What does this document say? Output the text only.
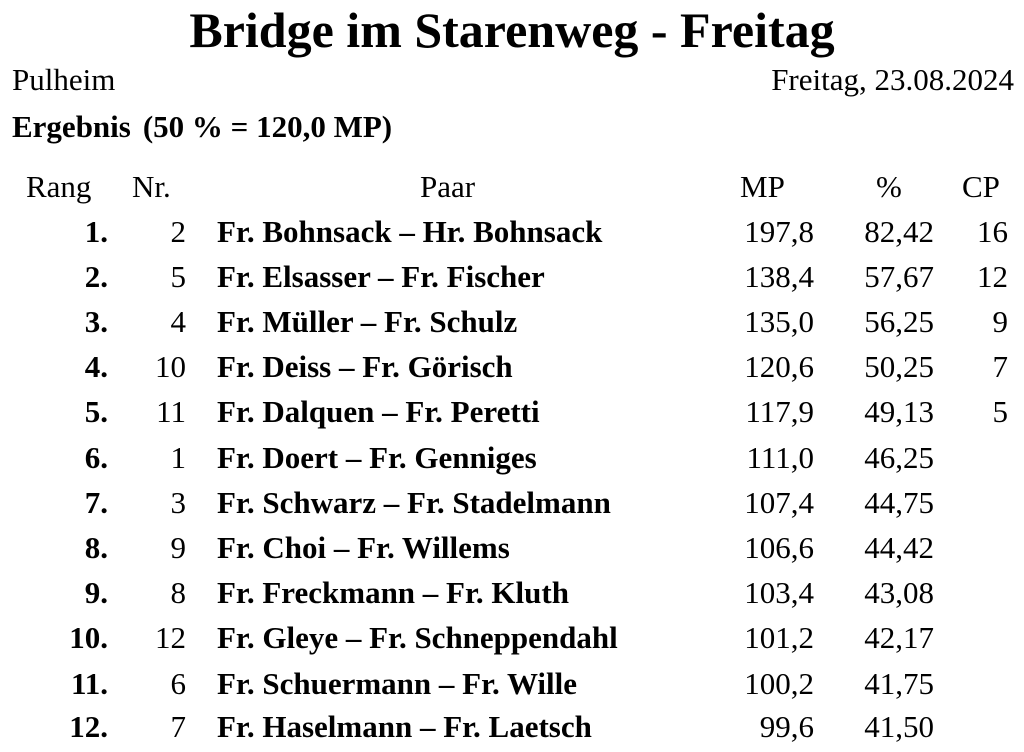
Bridge im Starenweg - Freitag
Pulheim	Freitag, 23.08.2024
Ergebnis (50 % = 120,0 MP)
Rang	Nr.	Paar	MP	%	CP
1.	2 Fr. Bohnsack – Hr. Bohnsack	197,8	82,42	16
2.	5 Fr. Elsasser – Fr. Fischer	138,4	57,67	12
3.	4 Fr. Müller – Fr. Schulz	135,0	56,25	9
4.	10 Fr. Deiss – Fr. Görisch	120,6	50,25	7
5.	11 Fr. Dalquen – Fr. Peretti	117,9	49,13	5
6.	1 Fr. Doert – Fr. Genniges	111,0	46,25
7.	3 Fr. Schwarz – Fr. Stadelmann	107,4	44,75
8.	9 Fr. Choi – Fr. Willems	106,6	44,42
9.	8 Fr. Freckmann – Fr. Kluth	103,4	43,08
10.	12 Fr. Gleye – Fr. Schneppendahl	101,2	42,17
11.	6 Fr. Schuermann – Fr. Wille	100,2	41,75
12.	7 Fr. Haselmann – Fr. Laetsch	99,6	41,50
